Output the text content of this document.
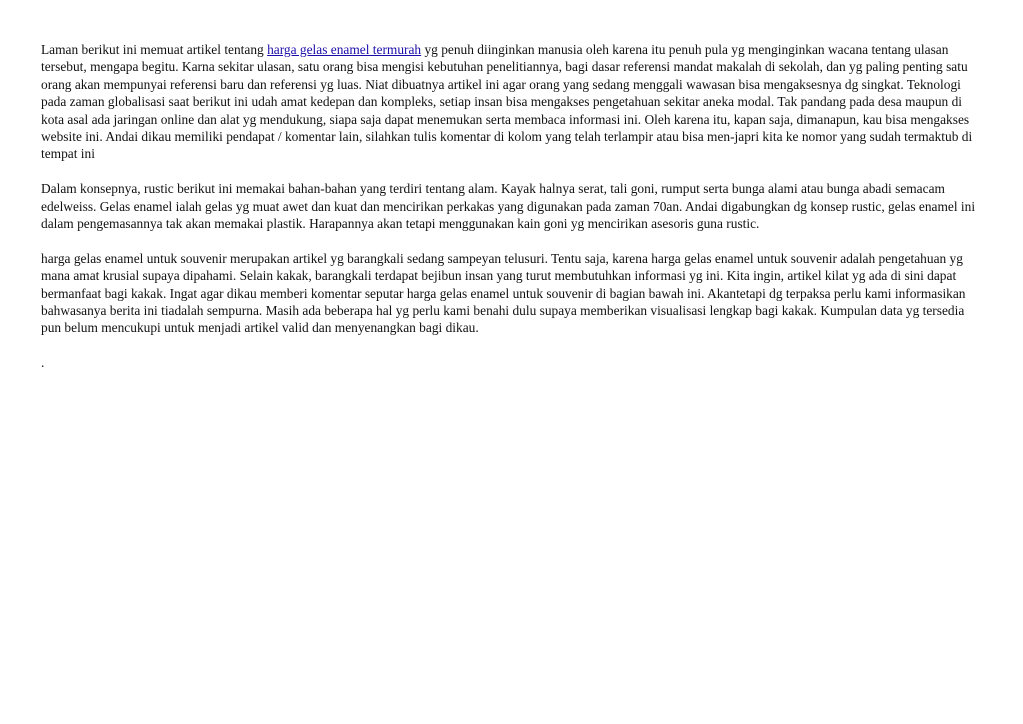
Laman berikut ini memuat artikel tentang harga gelas enamel termurah yg penuh diinginkan manusia oleh karena itu penuh pula yg menginginkan wacana tentang ulasan tersebut, mengapa begitu. Karna sekitar ulasan, satu orang bisa mengisi kebutuhan penelitiannya, bagi dasar referensi mandat makalah di sekolah, dan yg paling penting satu orang akan mempunyai referensi baru dan referensi yg luas. Niat dibuatnya artikel ini agar orang yang sedang menggali wawasan bisa mengaksesnya dg singkat. Teknologi pada zaman globalisasi saat berikut ini udah amat kedepan dan kompleks, setiap insan bisa mengakses pengetahuan sekitar aneka modal. Tak pandang pada desa maupun di kota asal ada jaringan online dan alat yg mendukung, siapa saja dapat menemukan serta membaca informasi ini. Oleh karena itu, kapan saja, dimanapun, kau bisa mengakses website ini. Andai dikau memiliki pendapat / komentar lain, silahkan tulis komentar di kolom yang telah terlampir atau bisa men-japri kita ke nomor yang sudah termaktub di tempat ini

Dalam konsepnya, rustic berikut ini memakai bahan-bahan yang terdiri tentang alam. Kayak halnya serat, tali goni, rumput serta bunga alami atau bunga abadi semacam edelweiss. Gelas enamel ialah gelas yg muat awet dan kuat dan mencirikan perkakas yang digunakan pada zaman 70an. Andai digabungkan dg konsep rustic, gelas enamel ini dalam pengemasannya tak akan memakai plastik. Harapannya akan tetapi menggunakan kain goni yg mencirikan asesoris guna rustic.

harga gelas enamel untuk souvenir merupakan artikel yg barangkali sedang sampeyan telusuri. Tentu saja, karena harga gelas enamel untuk souvenir adalah pengetahuan yg mana amat krusial supaya dipahami. Selain kakak, barangkali terdapat bejibun insan yang turut membutuhkan informasi yg ini. Kita ingin, artikel kilat yg ada di sini dapat bermanfaat bagi kakak. Ingat agar dikau memberi komentar seputar harga gelas enamel untuk souvenir di bagian bawah ini. Akantetapi dg terpaksa perlu kami informasikan bahwasanya berita ini tiadalah sempurna. Masih ada beberapa hal yg perlu kami benahi dulu supaya memberikan visualisasi lengkap bagi kakak. Kumpulan data yg tersedia pun belum mencukupi untuk menjadi artikel valid dan menyenangkan bagi dikau.

.
